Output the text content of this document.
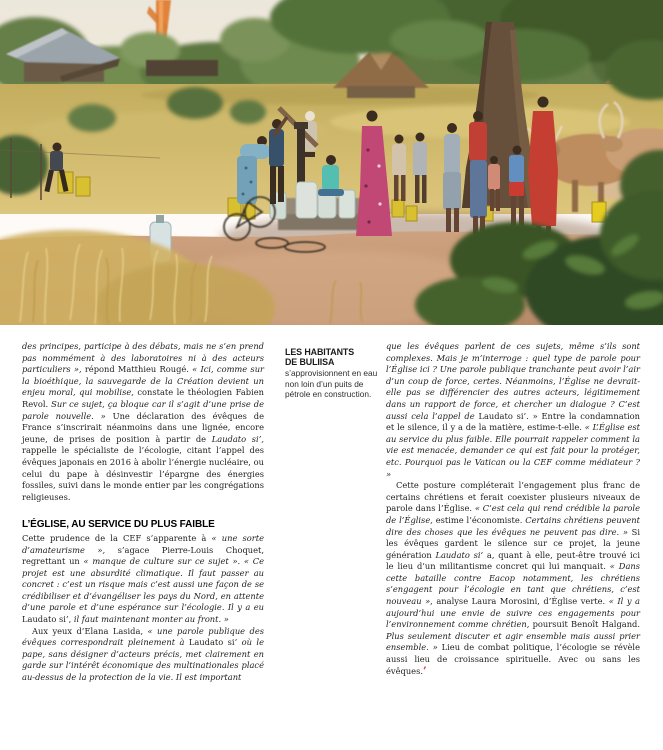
des principes, participe à des débats, mais ne s’en prend pas nommément à des laboratoires ni à des acteurs particuliers », répond Matthieu Rougé. « Ici, comme sur la bioéthique, la sauvegarde de la Création devient un enjeu moral, qui mobilise, constate le théologien Fabien Revol. Sur ce sujet, ça bloque car il s’agit d’une prise de parole nouvelle. » Une déclaration des évêques de France s’inscrirait néanmoins dans une lignée, encore jeune, de prises de position à partir de Laudato si’, rappelle le spécialiste de l’écologie, citant l’appel des évêques japonais en 2016 à abolir l’énergie nucléaire, ou celui du pape à désinvestir l’épargne des énergies fossiles, suivi dans le monde entier par les congrégations religieuses.

L’ÉGLISE, AU SERVICE DU PLUS FAIBLE

Cette prudence de la CEF s’apparente à « une sorte d’amateurisme », s’agace Pierre-Louis Choquet, regrettant un « manque de culture sur ce sujet ». « Ce projet est une absurdité climatique. Il faut passer au concret : c’est un risque mais c’est aussi une façon de se crédibiliser et d’évangéliser les pays du Nord, en attente d’une parole et d’une espérance sur l’écologie. Il y a eu Laudato si’, il faut maintenant monter au front. »

Aux yeux d’Elana Lasida, « une parole publique des évêques correspondrait pleinement à Laudato si’ où le pape, sans désigner d’acteurs précis, met clairement en garde sur l’intérêt économique des multinationales placé au-dessus de la protection de la vie. Il est important

LES HABITANTS
DE BULIISA
s’approvisionnent en eau non loin d’un puits de pétrole en construction.

que les évêques parlent de ces sujets, même s’ils sont complexes. Mais je m’interroge : quel type de parole pour l’Église ici ? Une parole publique tranchante peut avoir l’air d’un coup de force, certes. Néanmoins, l’Église ne devrait-elle pas se différencier des autres acteurs, légitimement dans un rapport de force, et chercher un dialogue ? C’est aussi cela l’appel de Laudato si’. » Entre la condamnation et le silence, il y a de la matière, estime-t-elle. « L’Église est au service du plus faible. Elle pourrait rappeler comment la vie est menacée, demander ce qui est fait pour la protéger, etc. Pourquoi pas le Vatican ou la CEF comme médiateur ? »

Cette posture compléterait l’engagement plus franc de certains chrétiens et ferait coexister plusieurs niveaux de parole dans l’Église. « C’est cela qui rend crédible la parole de l’Église, estime l’économiste. Certains chrétiens peuvent dire des choses que les évêques ne peuvent pas dire. » Si les évêques gardent le silence sur ce projet, la jeune génération Laudato si’ a, quant à elle, peut-être trouvé ici le lieu d’un militantisme concret qui lui manquait. « Dans cette bataille contre Eacop notamment, les chrétiens s’engagent pour l’écologie en tant que chrétiens, c’est nouveau », analyse Laura Morosini, d’Église verte. « Il y a aujourd’hui une envie de suivre ces engagements pour l’environnement comme chrétien, poursuit Benoît Halgand. Plus seulement discuter et agir ensemble mais aussi prier ensemble. » Lieu de combat politique, l’écologie se révèle aussi lieu de croissance spirituelle. Avec ou sans les évêques.’
